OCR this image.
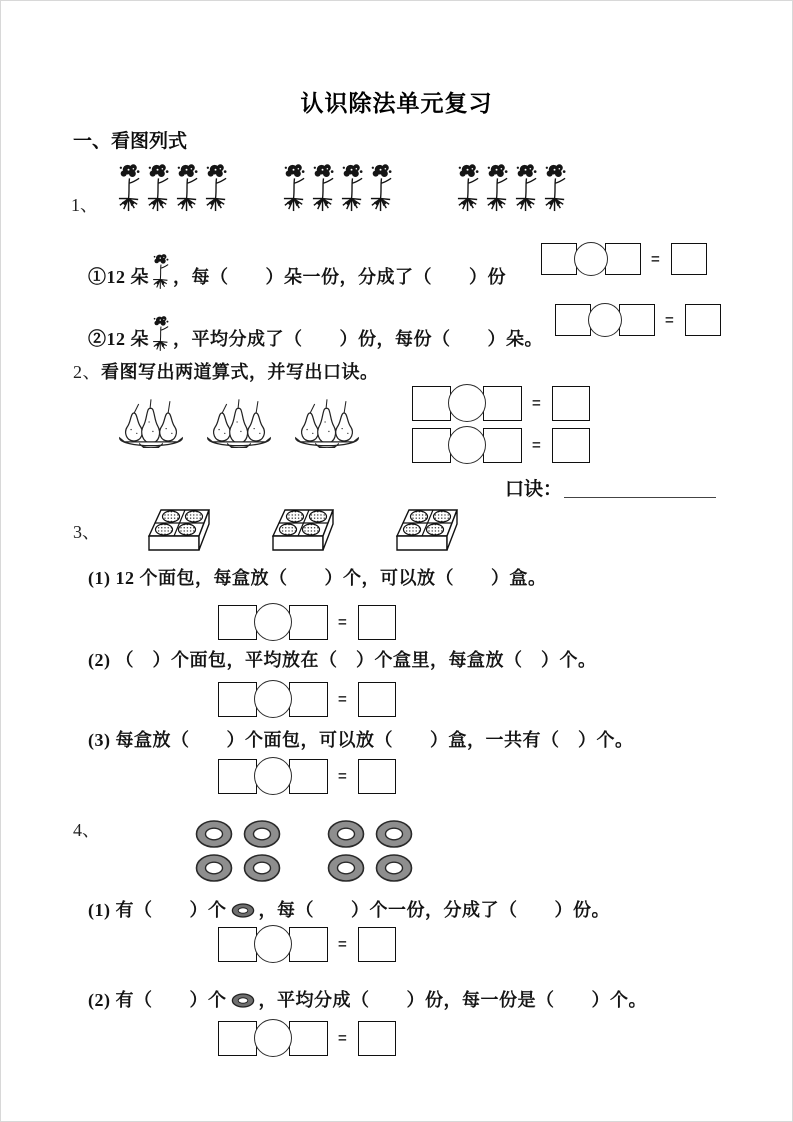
认识除法单元复习
一、看图列式
1、
①12 朵 ，每（　　）朵一份，分成了（　　）份
=
②12 朵 ，平均分成了（　　）份，每份（　　）朵。
=
2、看图写出两道算式，并写出口诀。
=
=
口诀：
3、
(1) 12 个面包，每盒放（　　）个，可以放（　　）盒。
=
(2) （　）个面包，平均放在（　）个盒里，每盒放（　）个。
=
(3) 每盒放（　　）个面包，可以放（　　）盒，一共有（　）个。
=
4、
(1) 有（　　）个 ，每（　　）个一份，分成了（　　）份。
=
(2) 有（　　）个 ，平均分成（　　）份，每一份是（　　）个。
=
